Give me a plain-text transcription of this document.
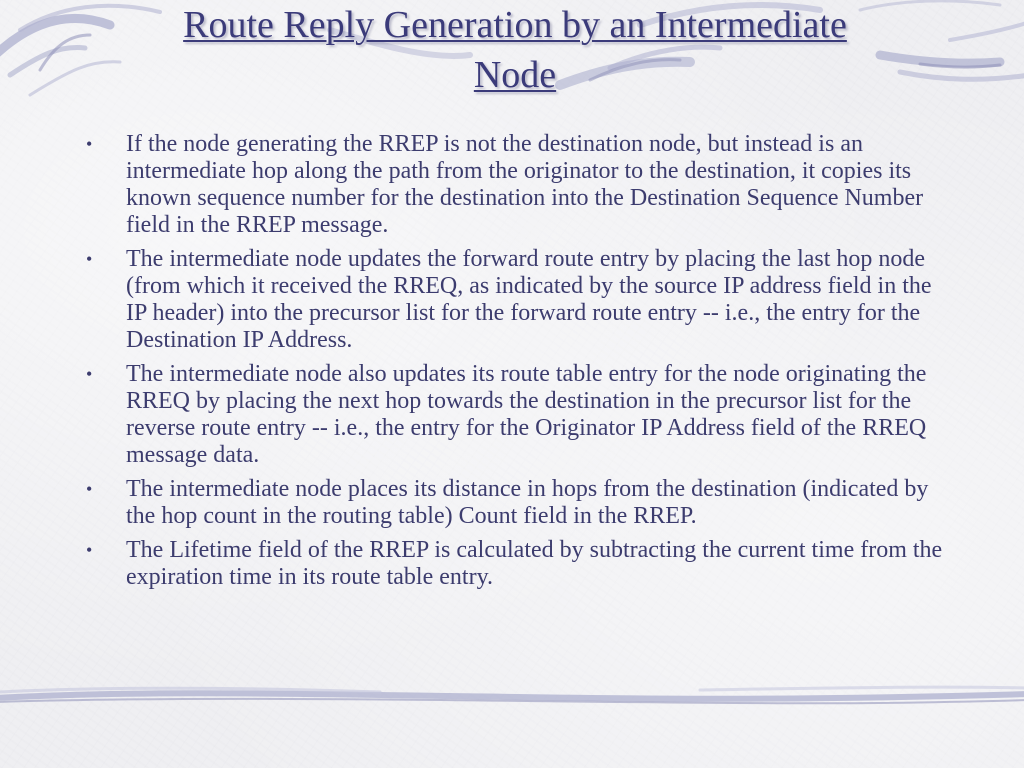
Route Reply Generation by an Intermediate
Node
• If the node generating the RREP is not the destination node, but instead is an intermediate hop along the path from the originator to the destination, it copies its known sequence number for the destination into the Destination Sequence Number field in the RREP message.
• The intermediate node updates the forward route entry by placing the last hop node (from which it received the RREQ, as indicated by the source IP address field in the IP header) into the precursor list for the forward route entry -- i.e., the entry for the Destination IP Address.
• The intermediate node also updates its route table entry for the node originating the RREQ by placing the next hop towards the destination in the precursor list for the reverse route entry -- i.e., the entry for the Originator IP Address field of the RREQ message data.
• The intermediate node places its distance in hops from the destination (indicated by the hop count in the routing table) Count field in the RREP.
• The Lifetime field of the RREP is calculated by subtracting the current time from the expiration time in its route table entry.
